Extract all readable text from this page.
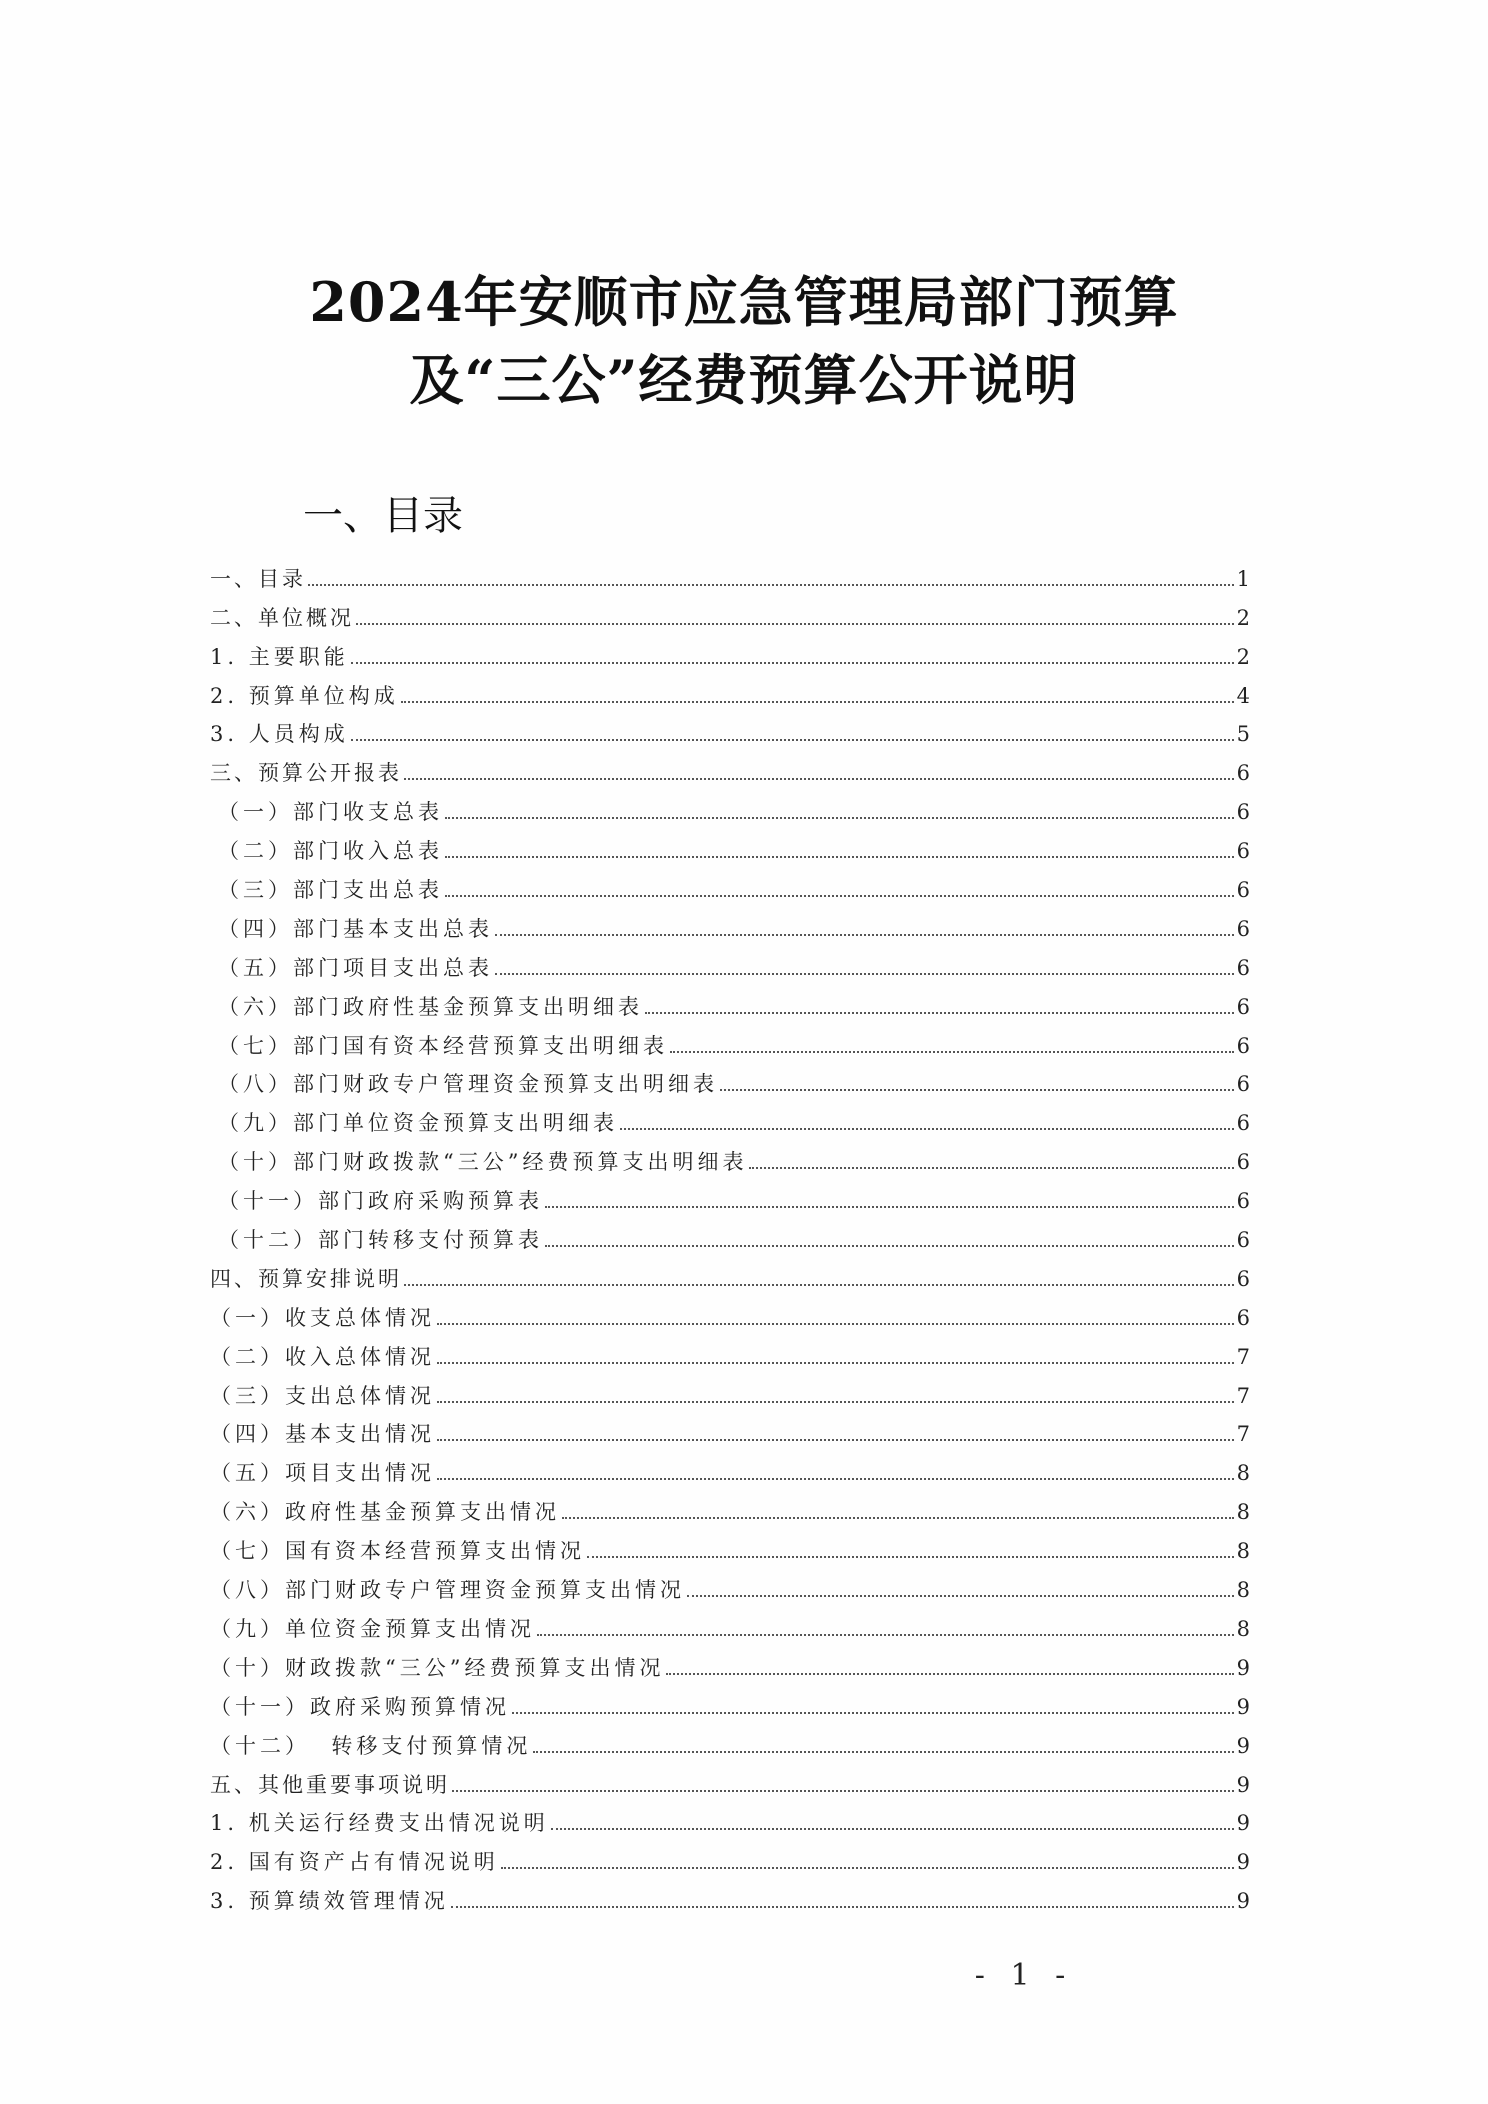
2024年安顺市应急管理局部门预算
及“三公”经费预算公开说明
一、目录
一、目录	1
二、单位概况	2
1. 主要职能	2
2. 预算单位构成	4
3. 人员构成	5
三、预算公开报表	6
（一）部门收支总表	6
（二）部门收入总表	6
（三）部门支出总表	6
（四）部门基本支出总表	6
（五）部门项目支出总表	6
（六）部门政府性基金预算支出明细表	6
（七）部门国有资本经营预算支出明细表	6
（八）部门财政专户管理资金预算支出明细表	6
（九）部门单位资金预算支出明细表	6
（十）部门财政拨款“三公”经费预算支出明细表	6
（十一）部门政府采购预算表	6
（十二）部门转移支付预算表	6
四、预算安排说明	6
（一）收支总体情况	6
（二）收入总体情况	7
（三）支出总体情况	7
（四）基本支出情况	7
（五）项目支出情况	8
（六）政府性基金预算支出情况	8
（七）国有资本经营预算支出情况	8
（八）部门财政专户管理资金预算支出情况	8
（九）单位资金预算支出情况	8
（十）财政拨款“三公”经费预算支出情况	9
（十一）政府采购预算情况	9
（十二）  转移支付预算情况	9
五、其他重要事项说明	9
1. 机关运行经费支出情况说明	9
2. 国有资产占有情况说明	9
3. 预算绩效管理情况	9
- 1 -
